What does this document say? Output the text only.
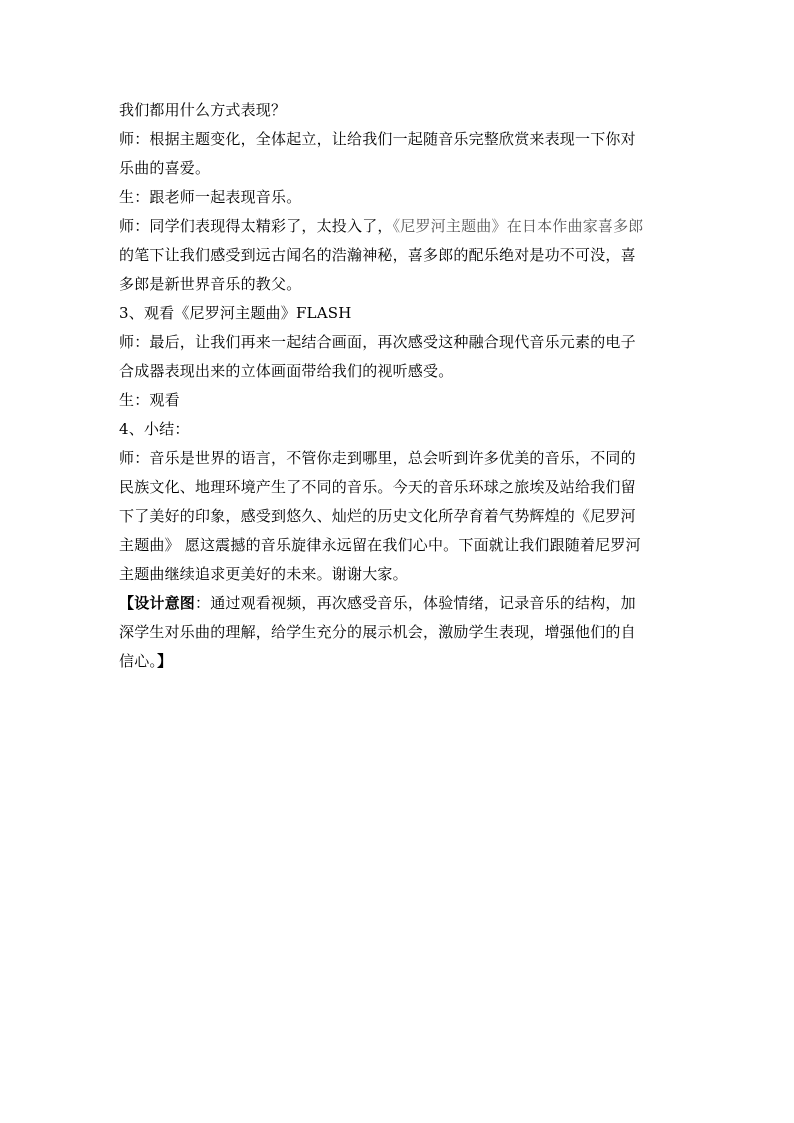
我们都用什么方式表现？
师：根据主题变化，全体起立，让给我们一起随音乐完整欣赏来表现一下你对
乐曲的喜爱。
生：跟老师一起表现音乐。
师：同学们表现得太精彩了，太投入了，《尼罗河主题曲》在日本作曲家喜多郎
的笔下让我们感受到远古闻名的浩瀚神秘，喜多郎的配乐绝对是功不可没，喜
多郎是新世界音乐的教父。
3、观看《尼罗河主题曲》FLASH
师：最后，让我们再来一起结合画面，再次感受这种融合现代音乐元素的电子
合成器表现出来的立体画面带给我们的视听感受。
生：观看
4、小结：
师：音乐是世界的语言，不管你走到哪里，总会听到许多优美的音乐，不同的
民族文化、地理环境产生了不同的音乐。今天的音乐环球之旅埃及站给我们留
下了美好的印象，感受到悠久、灿烂的历史文化所孕育着气势辉煌的《尼罗河
主题曲》 愿这震撼的音乐旋律永远留在我们心中。下面就让我们跟随着尼罗河
主题曲继续追求更美好的未来。谢谢大家。
【设计意图：通过观看视频，再次感受音乐，体验情绪，记录音乐的结构，加
深学生对乐曲的理解，给学生充分的展示机会，激励学生表现，增强他们的自
信心。】
